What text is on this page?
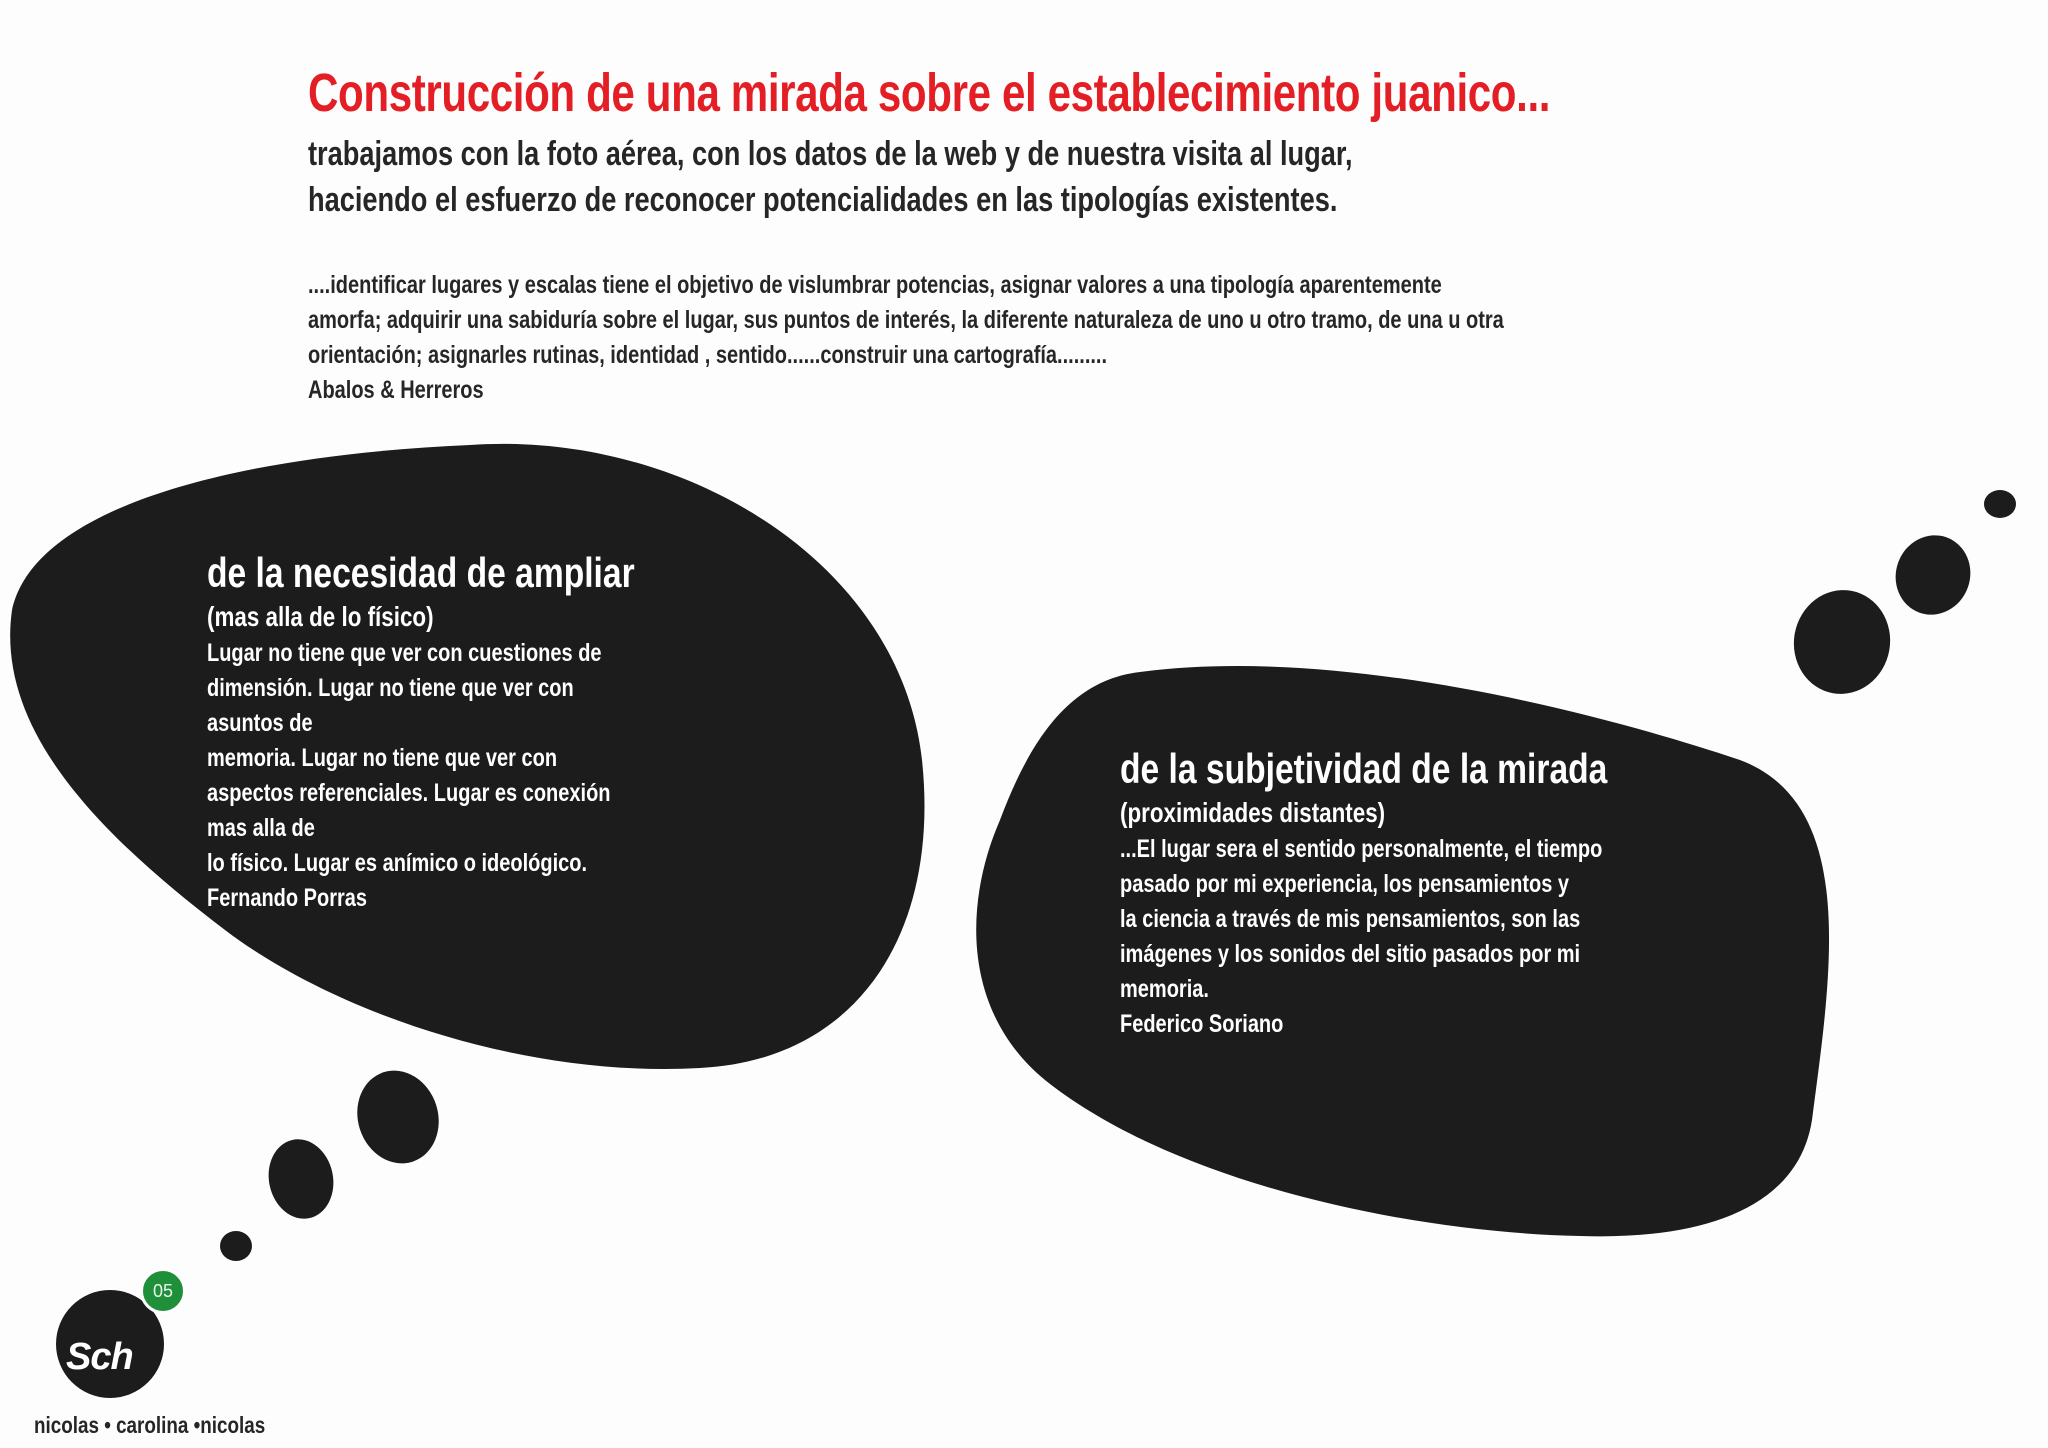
Construcción de una mirada sobre el establecimiento juanico...
trabajamos con la foto aérea, con los datos de la web y de nuestra visita al lugar,
haciendo el esfuerzo de reconocer potencialidades en las tipologías existentes.
....identificar lugares y escalas tiene el objetivo de vislumbrar potencias, asignar valores a una tipología aparentemente
amorfa; adquirir una sabiduría sobre el lugar, sus puntos de interés, la diferente naturaleza de uno u otro tramo, de una u otra
orientación; asignarles rutinas, identidad , sentido......construir una cartografía.........
Abalos & Herreros
de la necesidad de ampliar
(mas alla de lo físico)
Lugar no tiene que ver con cuestiones de
dimensión. Lugar no tiene que ver con
asuntos de
memoria. Lugar no tiene que ver con
aspectos referenciales. Lugar es conexión
mas alla de
lo físico. Lugar es anímico o ideológico.
Fernando Porras
de la subjetividad de la mirada
(proximidades distantes)
...El lugar sera el sentido personalmente, el tiempo
pasado por mi experiencia, los pensamientos y
la ciencia a través de mis pensamientos, son las
imágenes y los sonidos del sitio pasados por mi
memoria.
Federico Soriano
Sch
05
nicolas • carolina •nicolas
